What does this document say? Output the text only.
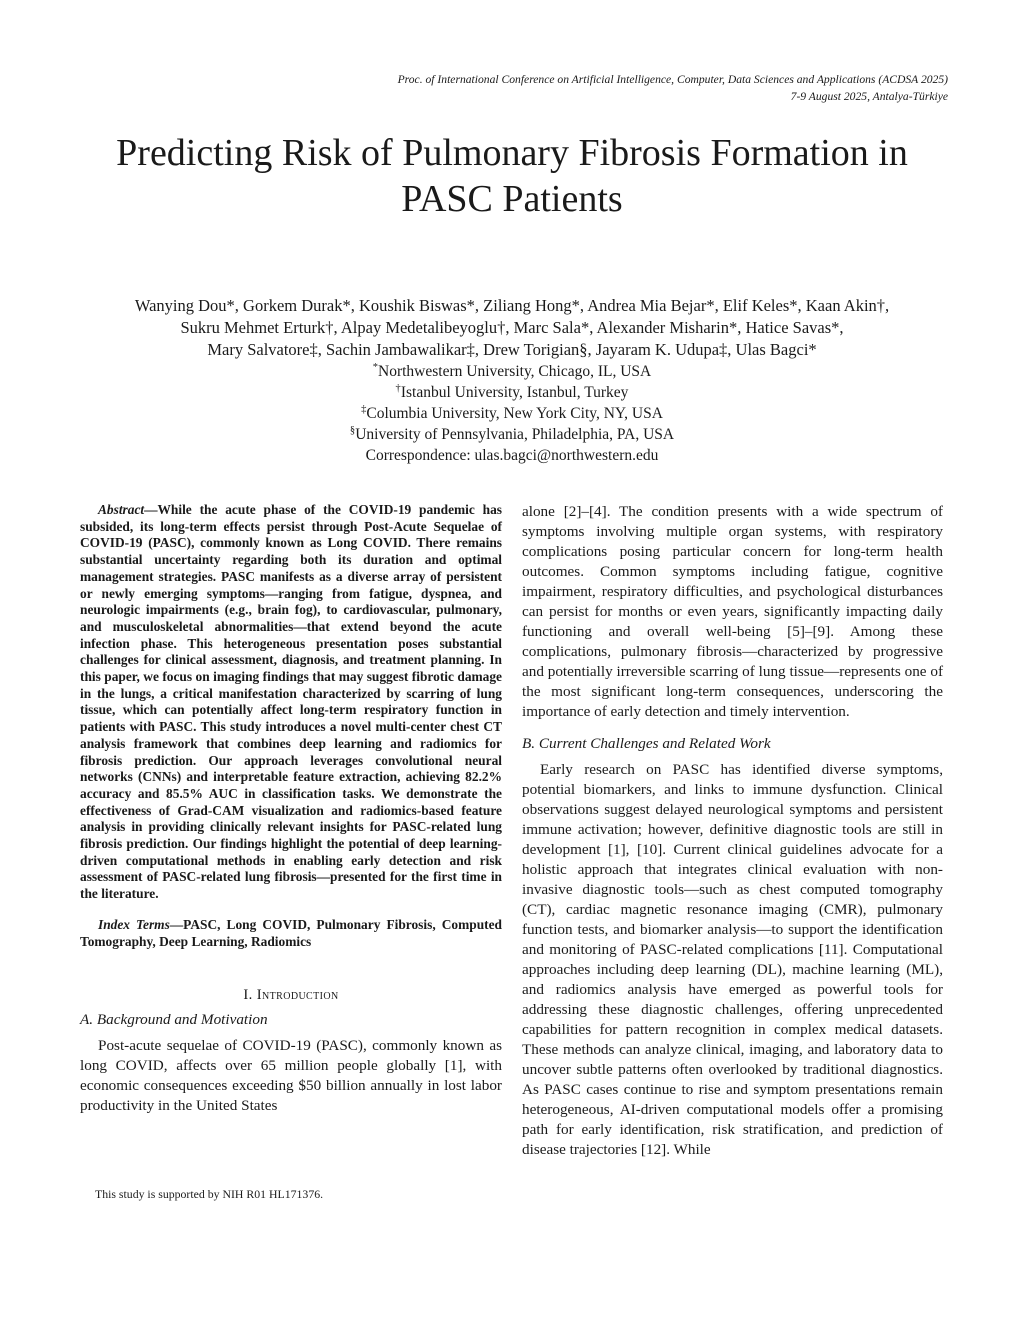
Proc. of International Conference on Artificial Intelligence, Computer, Data Sciences and Applications (ACDSA 2025)
7-9 August 2025, Antalya-Türkiye
Predicting Risk of Pulmonary Fibrosis Formation in
PASC Patients
Wanying Dou*, Gorkem Durak*, Koushik Biswas*, Ziliang Hong*, Andrea Mia Bejar*, Elif Keles*, Kaan Akin†,
Sukru Mehmet Erturk†, Alpay Medetalibeyoglu†, Marc Sala*, Alexander Misharin*, Hatice Savas*,
Mary Salvatore‡, Sachin Jambawalikar‡, Drew Torigian§, Jayaram K. Udupa‡, Ulas Bagci*
*Northwestern University, Chicago, IL, USA
†Istanbul University, Istanbul, Turkey
‡Columbia University, New York City, NY, USA
§University of Pennsylvania, Philadelphia, PA, USA
Correspondence: ulas.bagci@northwestern.edu

Abstract—While the acute phase of the COVID-19 pandemic has subsided, its long-term effects persist through Post-Acute Sequelae of COVID-19 (PASC), commonly known as Long COVID. There remains substantial uncertainty regarding both its duration and optimal management strategies. PASC manifests as a diverse array of persistent or newly emerging symptoms—ranging from fatigue, dyspnea, and neurologic impairments (e.g., brain fog), to cardiovascular, pulmonary, and musculoskeletal abnormalities—that extend beyond the acute infection phase. This heterogeneous presentation poses substantial challenges for clinical assessment, diagnosis, and treatment planning. In this paper, we focus on imaging findings that may suggest fibrotic damage in the lungs, a critical manifestation characterized by scarring of lung tissue, which can potentially affect long-term respiratory function in patients with PASC. This study introduces a novel multi-center chest CT analysis framework that combines deep learning and radiomics for fibrosis prediction. Our approach leverages convolutional neural networks (CNNs) and interpretable feature extraction, achieving 82.2% accuracy and 85.5% AUC in classification tasks. We demonstrate the effectiveness of Grad-CAM visualization and radiomics-based feature analysis in providing clinically relevant insights for PASC-related lung fibrosis prediction. Our findings highlight the potential of deep learning-driven computational methods in enabling early detection and risk assessment of PASC-related lung fibrosis—presented for the first time in the literature.

Index Terms—PASC, Long COVID, Pulmonary Fibrosis, Computed Tomography, Deep Learning, Radiomics

I. Introduction
A. Background and Motivation

Post-acute sequelae of COVID-19 (PASC), commonly known as long COVID, affects over 65 million people globally [1], with economic consequences exceeding $50 billion annually in lost labor productivity in the United States

This study is supported by NIH R01 HL171376.

alone [2]–[4]. The condition presents with a wide spectrum of symptoms involving multiple organ systems, with respiratory complications posing particular concern for long-term health outcomes. Common symptoms including fatigue, cognitive impairment, respiratory difficulties, and psychological disturbances can persist for months or even years, significantly impacting daily functioning and overall well-being [5]–[9]. Among these complications, pulmonary fibrosis—characterized by progressive and potentially irreversible scarring of lung tissue—represents one of the most significant long-term consequences, underscoring the importance of early detection and timely intervention.

B. Current Challenges and Related Work

Early research on PASC has identified diverse symptoms, potential biomarkers, and links to immune dysfunction. Clinical observations suggest delayed neurological symptoms and persistent immune activation; however, definitive diagnostic tools are still in development [1], [10]. Current clinical guidelines advocate for a holistic approach that integrates clinical evaluation with non-invasive diagnostic tools—such as chest computed tomography (CT), cardiac magnetic resonance imaging (CMR), pulmonary function tests, and biomarker analysis—to support the identification and monitoring of PASC-related complications [11]. Computational approaches including deep learning (DL), machine learning (ML), and radiomics analysis have emerged as powerful tools for addressing these diagnostic challenges, offering unprecedented capabilities for pattern recognition in complex medical datasets. These methods can analyze clinical, imaging, and laboratory data to uncover subtle patterns often overlooked by traditional diagnostics. As PASC cases continue to rise and symptom presentations remain heterogeneous, AI-driven computational models offer a promising path for early identification, risk stratification, and prediction of disease trajectories [12]. While
